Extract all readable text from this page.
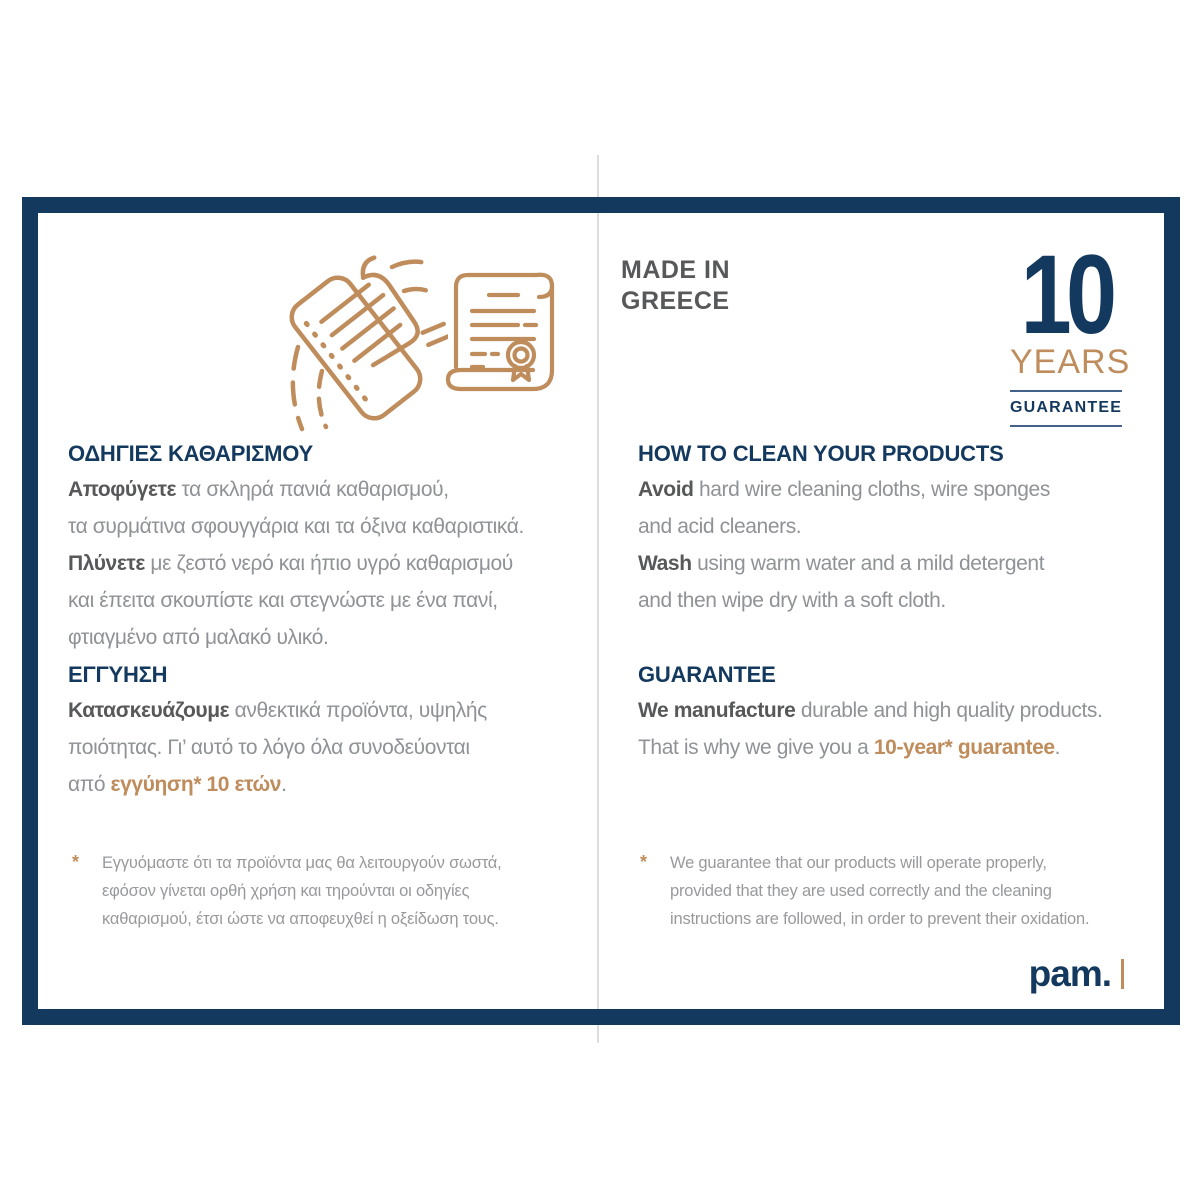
MADE IN
GREECE	10
YEARS
GUARANTEE
ΟΔΗΓΙΕΣ ΚΑΘΑΡΙΣΜΟΥ
Αποφύγετε τα σκληρά πανιά καθαρισμού,
τα συρμάτινα σφουγγάρια και τα όξινα καθαριστικά.
Πλύνετε με ζεστό νερό και ήπιο υγρό καθαρισμού
και έπειτα σκουπίστε και στεγνώστε με ένα πανί,
φτιαγμένο από μαλακό υλικό.
ΕΓΓΥΗΣΗ
Κατασκευάζουμε ανθεκτικά προϊόντα, υψηλής
ποιότητας. Γι’ αυτό το λόγο όλα συνοδεύονται
από εγγύηση* 10 ετών.
*	Εγγυόμαστε ότι τα προϊόντα μας θα λειτουργούν σωστά,
εφόσον γίνεται ορθή χρήση και τηρούνται οι οδηγίες
καθαρισμού, έτσι ώστε να αποφευχθεί η οξείδωση τους.
HOW TO CLEAN YOUR PRODUCTS
Avoid hard wire cleaning cloths, wire sponges
and acid cleaners.
Wash using warm water and a mild detergent
and then wipe dry with a soft cloth.
GUARANTEE
We manufacture durable and high quality products.
That is why we give you a 10-year* guarantee.
*	We guarantee that our products will operate properly,
provided that they are used correctly and the cleaning
instructions are followed, in order to prevent their oxidation.
pam.
